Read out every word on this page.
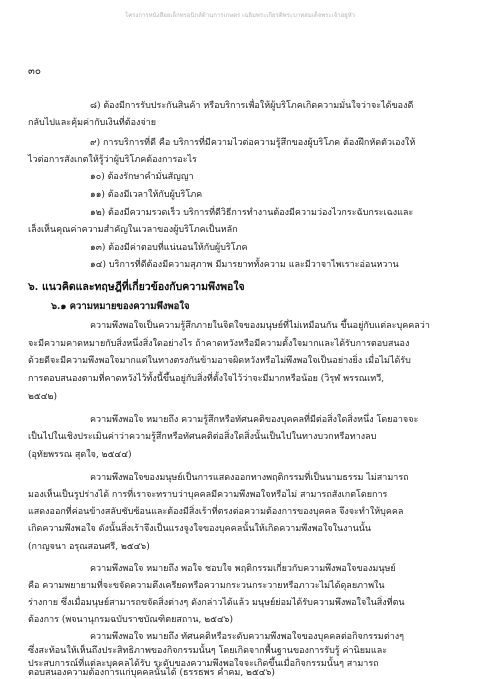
โครงการหนังสือยเล็กทรอนิกส์ด้านการเกษตร เฉลิมพระเกียรติพระบาทสมเด็จพระเจ้าอยู่หัว
๓๐
๘) ต้องมีการรับประกันสินค้า หรือบริการเพื่อให้ผู้บริโภคเกิดความมั่นใจว่าจะได้ของดี
กลับไปและคุ้มค่ากับเงินที่ต้องจ่าย
๙) การบริการที่ดี คือ บริการที่มีความไวต่อความรู้สึกของผู้บริโภค ต้องฝึกหัดตัวเองให้
ไวต่อการสังเกตให้รู้ว่าผู้บริโภคต้องการอะไร
๑๐) ต้องรักษาคำมั่นสัญญา
๑๑) ต้องมีเวลาให้กับผู้บริโภค
๑๒) ต้องมีความรวดเร็ว บริการที่ดีวิธีการทำงานต้องมีความว่องไวกระฉับกระเฉงและ
เล็งเห็นคุณค่าความสำคัญในเวลาของผู้บริโภคเป็นหลัก
๑๓) ต้องมีค่าตอบที่แน่นอนให้กับผู้บริโภค
๑๔) บริการที่ดีต้องมีความสุภาพ มีมารยาททั้งความ และมีวาจาไพเราะอ่อนหวาน
๖. แนวคิดและทฤษฎีที่เกี่ยวข้องกับความพึงพอใจ
๖.๑ ความหมายของความพึงพอใจ
ความพึงพอใจเป็นความรู้สึกภายในจิตใจของมนุษย์ที่ไม่เหมือนกัน ขึ้นอยู่กับแต่ละบุคคลว่า
จะมีความคาดหมายกับสิ่งหนึ่งสิ่งใดอย่างไร ถ้าคาดหวังหรือมีความตั้งใจมากและได้รับการตอบสนอง
ด้วยดีจะมีความพึงพอใจมากแต่ในทางตรงกันข้ามอาจผิดหวังหรือไม่พึงพอใจเป็นอย่างยิ่ง เมื่อไม่ได้รับ
การตอบสนองตามที่คาดหวังไว้ทั้งนี้ขึ้นอยู่กับสิ่งที่ตั้งใจไว้ว่าจะมีมากหรือน้อย (วิรุฬ พรรณเทวี,
๒๕๔๒)
ความพึงพอใจ หมายถึง ความรู้สึกหรือทัศนคติของบุคคลที่มีต่อสิ่งใดสิ่งหนึ่ง โดยอาจจะ
เป็นไปในเชิงประเมินค่าว่าความรู้สึกหรือทัศนคติต่อสิ่งใดสิ่งนั้นเป็นไปในทางบวกหรือทางลบ
(อุทัยพรรณ สุดใจ, ๒๕๔๔)
ความพึงพอใจของมนุษย์เป็นการแสดงออกทางพฤติกรรมที่เป็นนามธรรม ไม่สามารถ
มองเห็นเป็นรูปร่างได้ การที่เราจะทราบว่าบุคคลมีความพึงพอใจหรือไม่ สามารถสังเกตโดยการ
แสดงออกที่ค่อนข้างสลับซับซ้อนและต้องมีสิ่งเร้าที่ตรงต่อความต้องการของบุคคล จึงจะทำให้บุคคล
เกิดความพึงพอใจ ดังนั้นสิ่งเร้าจึงเป็นแรงจูงใจของบุคคลนั้นให้เกิดความพึงพอใจในงานนั้น
(กาญจนา อรุณสอนศรี, ๒๕๔๖)
ความพึงพอใจ หมายถึง พอใจ ชอบใจ พฤติกรรมเกี่ยวกับความพึงพอใจของมนุษย์
คือ ความพยายามที่จะขจัดความตึงเครียดหรือความกระวนกระวายหรือภาวะไม่ได้ดุลยภาพใน
ร่างกาย ซึ่งเมื่อมนุษย์สามารถขจัดสิ่งต่างๆ ดังกล่าวได้แล้ว มนุษย์ย่อมได้รับความพึงพอใจในสิ่งที่ตน
ต้องการ (พจนานุกรมฉบับราชบัณฑิตยสถาน, ๒๕๔๖)
ความพึงพอใจ หมายถึง ทัศนคติหรือระดับความพึงพอใจของบุคคลต่อกิจกรรมต่างๆ
ซึ่งสะท้อนให้เห็นถึงประสิทธิภาพของกิจกรรมนั้นๆ โดยเกิดจากพื้นฐานของการรับรู้ ค่านิยมและ
ประสบการณ์ที่แต่ละบุคคลได้รับ ระดับของความพึงพอใจจะเกิดขึ้นเมื่อกิจกรรมนั้นๆ สามารถ
ตอบสนองความต้องการแก่บุคคลนั้นได้ (ธรรธพร คำคม, ๒๕๔๖)
